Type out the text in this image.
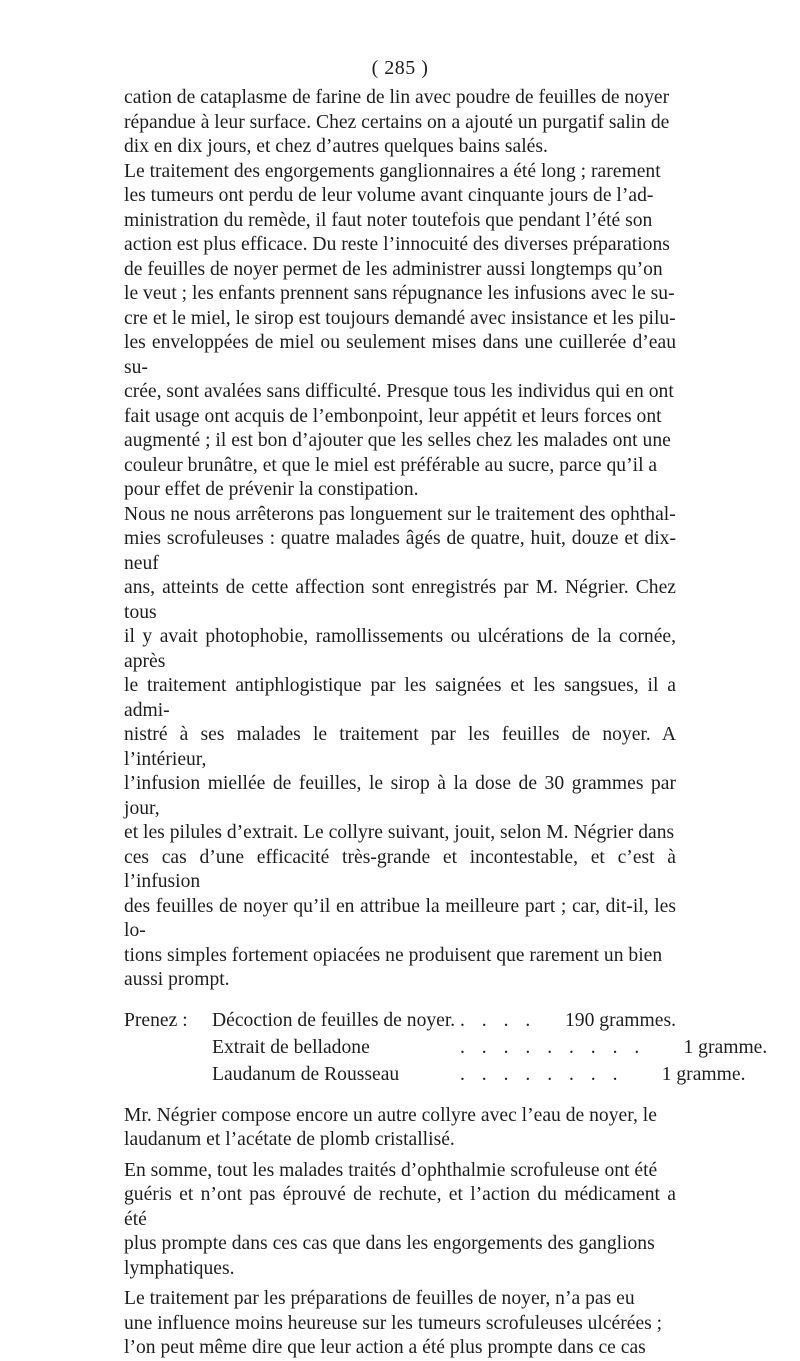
( 285 )

cation de cataplasme de farine de lin avec poudre de feuilles de noyer
répandue à leur surface. Chez certains on a ajouté un purgatif salin de
dix en dix jours, et chez d’autres quelques bains salés.

Le traitement des engorgements ganglionnaires a été long ; rarement
les tumeurs ont perdu de leur volume avant cinquante jours de l’ad-
ministration du remède, il faut noter toutefois que pendant l’été son
action est plus efficace. Du reste l’innocuité des diverses préparations
de feuilles de noyer permet de les administrer aussi longtemps qu’on
le veut ; les enfants prennent sans répugnance les infusions avec le su-
cre et le miel, le sirop est toujours demandé avec insistance et les pilu-
les enveloppées de miel ou seulement mises dans une cuillerée d’eau su-
crée, sont avalées sans difficulté. Presque tous les individus qui en ont
fait usage ont acquis de l’embonpoint, leur appétit et leurs forces ont
augmenté ; il est bon d’ajouter que les selles chez les malades ont une
couleur brunâtre, et que le miel est préférable au sucre, parce qu’il a
pour effet de prévenir la constipation.

Nous ne nous arrêterons pas longuement sur le traitement des ophthal-
mies scrofuleuses : quatre malades âgés de quatre, huit, douze et dix-neuf
ans, atteints de cette affection sont enregistrés par M. Négrier. Chez tous
il y avait photophobie, ramollissements ou ulcérations de la cornée, après
le traitement antiphlogistique par les saignées et les sangsues, il a admi-
nistré à ses malades le traitement par les feuilles de noyer. A l’intérieur,
l’infusion miellée de feuilles, le sirop à la dose de 30 grammes par jour,
et les pilules d’extrait. Le collyre suivant, jouit, selon M. Négrier dans
ces cas d’une efficacité très-grande et incontestable, et c’est à l’infusion
des feuilles de noyer qu’il en attribue la meilleure part ; car, dit-il, les lo-
tions simples fortement opiacées ne produisent que rarement un bien
aussi prompt.

Prenez :	Décoction de feuilles de noyer. . . . .	190 grammes.
Extrait de belladone	. . . . . . . . .	1 gramme.
Laudanum de Rousseau	. . . . . . . .	1 gramme.

Mr. Négrier compose encore un autre collyre avec l’eau de noyer, le
laudanum et l’acétate de plomb cristallisé.

En somme, tout les malades traités d’ophthalmie scrofuleuse ont été
guéris et n’ont pas éprouvé de rechute, et l’action du médicament a été
plus prompte dans ces cas que dans les engorgements des ganglions
lymphatiques.

Le traitement par les préparations de feuilles de noyer, n’a pas eu
une influence moins heureuse sur les tumeurs scrofuleuses ulcérées ;
l’on peut même dire que leur action a été plus prompte dans ce cas
